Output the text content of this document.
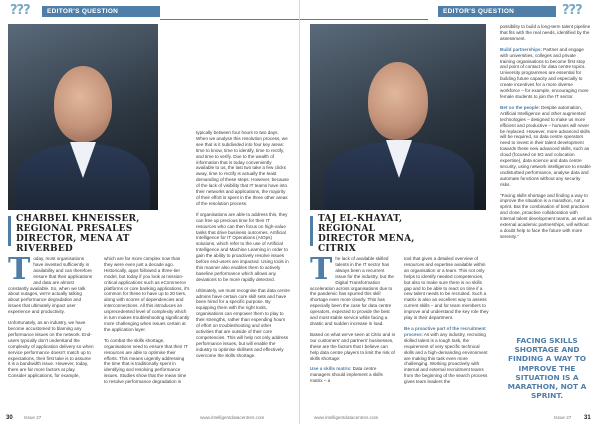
???	EDITOR'S QUESTION
CHARBEL KHNEISSER, REGIONAL PRESALES DIRECTOR, MENA AT RIVERBED

Today, most organisations have invested sufficiently in availability and can therefore ensure that their applications and data are almost constantly available. So, when we talk about outages, we're actually talking about performance degradation and issues that ultimately impact user experience and productivity.

Unfortunately, as an industry, we have become accustomed to blaming any performance issues on the network. End-users typically don't understand the complexity of application delivery so when service performance doesn't match up to expectations, their first take is to assume it is a bandwidth issue. However, today, there are far more factors at play. Consider applications, for example,

which are far more complex now than they were even just a decade ago. Historically, apps followed a three-tier model, but today if you look at mission-critical applications such as eCommerce platforms or core banking applications, it's common for these to have up to 20 tiers, along with scores of dependencies and interconnections. All this introduces an unprecedented level of complexity which in turn makes troubleshooting significantly more challenging when issues certain at the application layer.

To combat the skills shortage, organisations need to ensure that their IT resources are able to optimise their efforts. This means urgently addressing the time that is traditionally spent in identifying and resolving performance issues. Studies show that the mean time to resolve performance degradation is

typically between four hours to two days. When we analyse this resolution process, we see that is it subdivided into four key areas: time to know, time to identify, time to rectify, and time to verify. Due to the wealth of information that is today conveniently available to us, the last two take a few clicks away, time to rectify is actually the least demanding of these steps. However, because of the lack of visibility that IT teams have into their networks and applications, the majority of their effort is spent in the three other areas of the resolution process.

If organisations are able to address this, they can free up precious time for their IT resources who can then focus on high-value tasks that drive business outcomes. Artificial Intelligence for IT Operations (AIOps) solutions, which refer to the use of Artificial Intelligence and Machine Learning in order to gain the ability to proactively resolve issues before end-users are impacted. Using tools in this manner also enables them to actively baseline performance which allows any deviations to be more rapidly detected.

Ultimately, we must recognise that data centre admins have certain core skill sets and have been hired for a specific purpose. By equipping them with the right tools, organisations can empower them to play to their strengths, rather than expending hours of effort on troubleshooting and other activities that are outside of their core competencies. This will help not only address performance issues, but will enable the industry to optimise skillsets and effectively overcome the skills shortage.

30 Issue 27	www.intelligentdatacentres.com
EDITOR'S QUESTION	???
TAJ EL-KHAYAT, REGIONAL DIRECTOR MENA, CITRIX

The lack of available skilled talents in the IT sector has always been a recurrent issue for the industry, but the Digital Transformation acceleration across organisations due to the pandemic has spurred this skill shortage even more clearly. This has especially been the case for data centre operators, expected to provide the best and most stable service while facing a drastic and sudden increase in load.

Based on what we've seen at Citrix and in our customers' and partners' businesses, these are the factors that I believe can help data centre players to limit the risk of skills shortage:

Use a skills matrix: Data centre managers should implement a skills matrix – a

tool that gives a detailed overview of resources and expertise available within an organisation or a team. This not only helps to identify needed competencies, but also to make sure there is no skills gap and to be able to react on time if a new talent needs to be recruited. Such a matrix is also an excellent way to assess current skills – and for team members to improve and understand the key role they play in their department.

Be a proactive part of the recruitment process: As with any industry, recruiting skilled talent is a tough task, the requirement of very specific technical skills and a high-demanding environment are making this task even more challenging. Working proactively with internal and external recruitment teams from the beginning of the search process gives team leaders the

possibility to build a long-term talent pipeline that fits with the real needs, identified by the assessment.

Build partnerships: Partner and engage with universities, colleges and private training organisations to become first stop and point of contact for data centre topics. University programmes are essential for building future capacity and especially to create incentives for a more diverse workforce – for example, encouraging more female students to join the IT sector.

Bet on the people: Despite automation, Artificial Intelligence and other augmented technologies – designed to make us more efficient and productive – humans will never be replaced. However, more advanced skills will be required, so data centre operators need to invest in their talent development towards these new advanced skills, such as cloud (focused on 5G and colocation expertise), data science and data centre security, using network intelligence to enable undisturbed performance, analyse data and automate functions without any security risks.

"Facing skills shortage and finding a way to improve the situation is a marathon, not a sprint. But the combination of best practices and close, proactive collaboration with internal talent development teams, as well as external academic partnerships, will without a doubt help to face the future with more serenity."

FACING SKILLS SHORTAGE AND FINDING A WAY TO IMPROVE THE SITUATION IS A MARATHON, NOT A SPRINT.
www.intelligentdatacentres.com	Issue 27 31
